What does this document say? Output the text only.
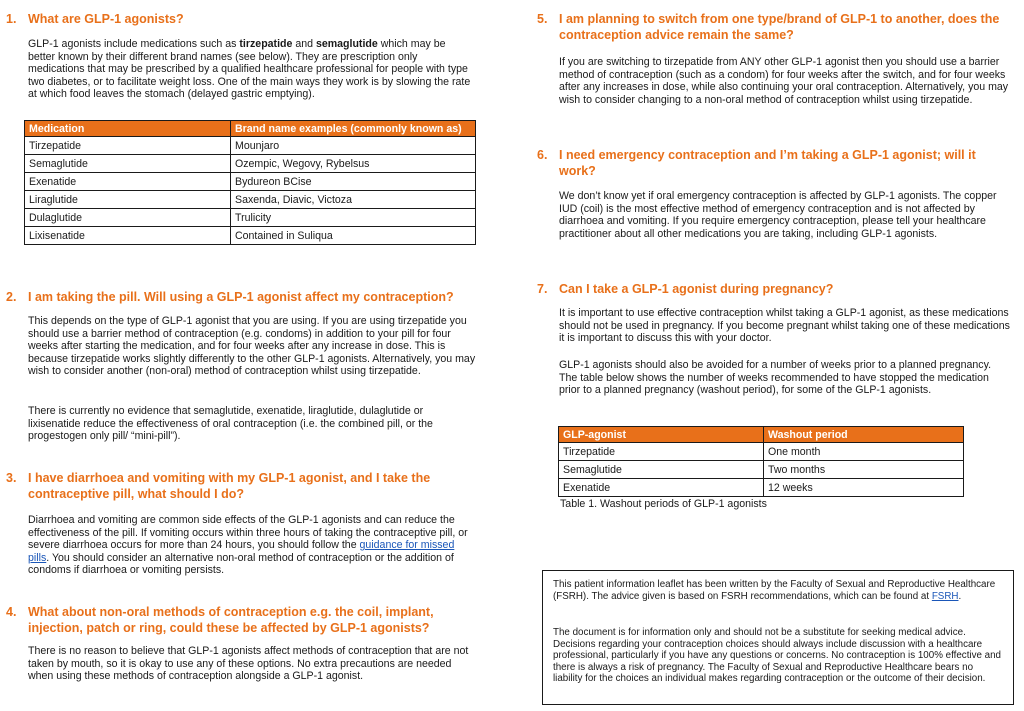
1. What are GLP-1 agonists?
GLP-1 agonists include medications such as tirzepatide and semaglutide which may be better known by their different brand names (see below). They are prescription only medications that may be prescribed by a qualified healthcare professional for people with type two diabetes, or to facilitate weight loss. One of the main ways they work is by slowing the rate at which food leaves the stomach (delayed gastric emptying).
Medication	Brand name examples (commonly known as)
Tirzepatide	Mounjaro
Semaglutide	Ozempic, Wegovy, Rybelsus
Exenatide	Bydureon BCise
Liraglutide	Saxenda, Diavic, Victoza
Dulaglutide	Trulicity
Lixisenatide	Contained in Suliqua
2. I am taking the pill. Will using a GLP-1 agonist affect my contraception?
This depends on the type of GLP-1 agonist that you are using. If you are using tirzepatide you should use a barrier method of contraception (e.g. condoms) in addition to your pill for four weeks after starting the medication, and for four weeks after any increase in dose. This is because tirzepatide works slightly differently to the other GLP-1 agonists. Alternatively, you may wish to consider another (non-oral) method of contraception whilst using tirzepatide.
There is currently no evidence that semaglutide, exenatide, liraglutide, dulaglutide or lixisenatide reduce the effectiveness of oral contraception (i.e. the combined pill, or the progestogen only pill/ “mini-pill”).
3. I have diarrhoea and vomiting with my GLP-1 agonist, and I take the
contraceptive pill, what should I do?
Diarrhoea and vomiting are common side effects of the GLP-1 agonists and can reduce the effectiveness of the pill. If vomiting occurs within three hours of taking the contraceptive pill, or severe diarrhoea occurs for more than 24 hours, you should follow the guidance for missed pills. You should consider an alternative non-oral method of contraception or the addition of condoms if diarrhoea or vomiting persists.
4. What about non-oral methods of contraception e.g. the coil, implant,
injection, patch or ring, could these be affected by GLP-1 agonists?
There is no reason to believe that GLP-1 agonists affect methods of contraception that are not taken by mouth, so it is okay to use any of these options. No extra precautions are needed when using these methods of contraception alongside a GLP-1 agonist.
5. I am planning to switch from one type/brand of GLP-1 to another, does the
contraception advice remain the same?
If you are switching to tirzepatide from ANY other GLP-1 agonist then you should use a barrier method of contraception (such as a condom) for four weeks after the switch, and for four weeks after any increases in dose, while also continuing your oral contraception. Alternatively, you may wish to consider changing to a non-oral method of contraception whilst using tirzepatide.
6. I need emergency contraception and I’m taking a GLP-1 agonist; will it
work?
We don’t know yet if oral emergency contraception is affected by GLP-1 agonists. The copper IUD (coil) is the most effective method of emergency contraception and is not affected by diarrhoea and vomiting. If you require emergency contraception, please tell your healthcare practitioner about all other medications you are taking, including GLP-1 agonists.
7. Can I take a GLP-1 agonist during pregnancy?
It is important to use effective contraception whilst taking a GLP-1 agonist, as these medications should not be used in pregnancy. If you become pregnant whilst taking one of these medications it is important to discuss this with your doctor.
GLP-1 agonists should also be avoided for a number of weeks prior to a planned pregnancy. The table below shows the number of weeks recommended to have stopped the medication prior to a planned pregnancy (washout period), for some of the GLP-1 agonists.
GLP-agonist	Washout period
Tirzepatide	One month
Semaglutide	Two months
Exenatide	12 weeks
Table 1. Washout periods of GLP-1 agonists
This patient information leaflet has been written by the Faculty of Sexual and Reproductive Healthcare (FSRH). The advice given is based on FSRH recommendations, which can be found at FSRH.
The document is for information only and should not be a substitute for seeking medical advice. Decisions regarding your contraception choices should always include discussion with a healthcare professional, particularly if you have any questions or concerns. No contraception is 100% effective and there is always a risk of pregnancy. The Faculty of Sexual and Reproductive Healthcare bears no liability for the choices an individual makes regarding contraception or the outcome of their decision.
